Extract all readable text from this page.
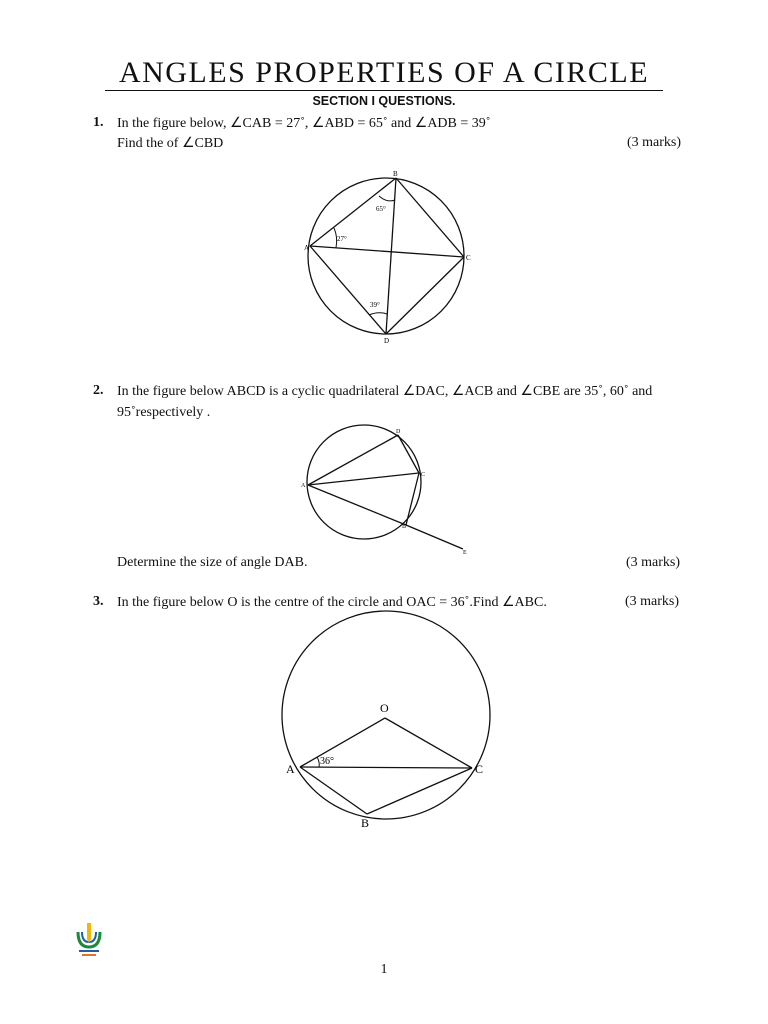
ANGLES PROPERTIES OF A CIRCLE
SECTION I QUESTIONS.
1. In the figure below, ∠CAB = 27˚, ∠ABD = 65˚ and ∠ADB = 39˚
Find the of ∠CBD	(3 marks)
A
B
C
D
27°
65°
39°
2. In the figure below ABCD is a cyclic quadrilateral ∠DAC, ∠ACB and ∠CBE are 35˚, 60˚ and
95˚respectively .
A
B
C
D
E
Determine the size of angle DAB.	(3 marks)
3. In the figure below O is the centre of the circle and OAC = 36˚.Find ∠ABC.	(3 marks)
O
A	C
B
36°
1
